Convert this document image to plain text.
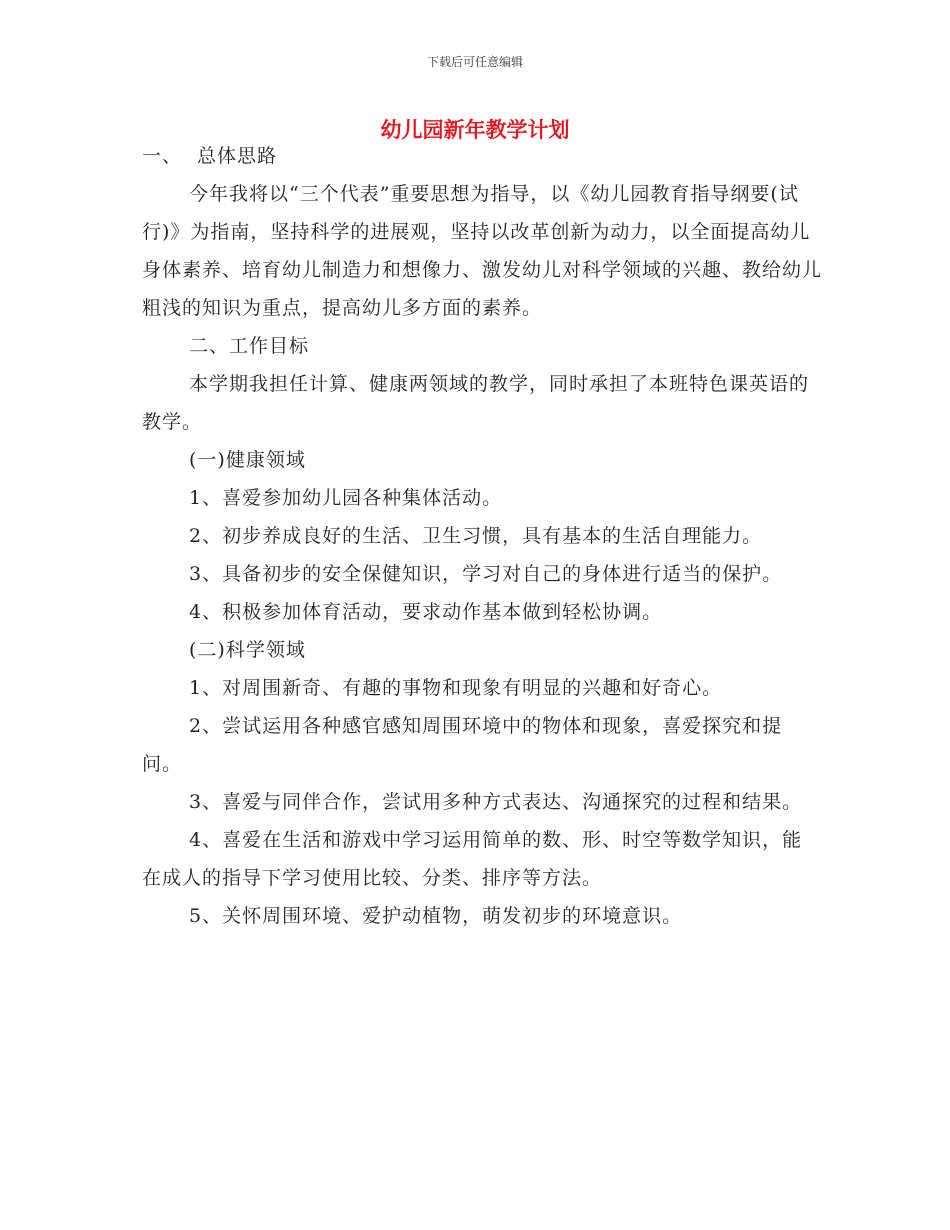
下载后可任意编辑
幼儿园新年教学计划

一、 总体思路

今年我将以“三个代表”重要思想为指导，以《幼儿园教育指导纲要(试行)》为指南，坚持科学的进展观，坚持以改革创新为动力，以全面提高幼儿身体素养、培育幼儿制造力和想像力、激发幼儿对科学领域的兴趣、教给幼儿粗浅的知识为重点，提高幼儿多方面的素养。

二、工作目标

本学期我担任计算、健康两领域的教学，同时承担了本班特色课英语的教学。

(一)健康领域

1、喜爱参加幼儿园各种集体活动。

2、初步养成良好的生活、卫生习惯，具有基本的生活自理能力。

3、具备初步的安全保健知识，学习对自己的身体进行适当的保护。

4、积极参加体育活动，要求动作基本做到轻松协调。

(二)科学领域

1、对周围新奇、有趣的事物和现象有明显的兴趣和好奇心。

2、尝试运用各种感官感知周围环境中的物体和现象，喜爱探究和提问。

3、喜爱与同伴合作，尝试用多种方式表达、沟通探究的过程和结果。

4、喜爱在生活和游戏中学习运用简单的数、形、时空等数学知识，能在成人的指导下学习使用比较、分类、排序等方法。

5、关怀周围环境、爱护动植物，萌发初步的环境意识。
